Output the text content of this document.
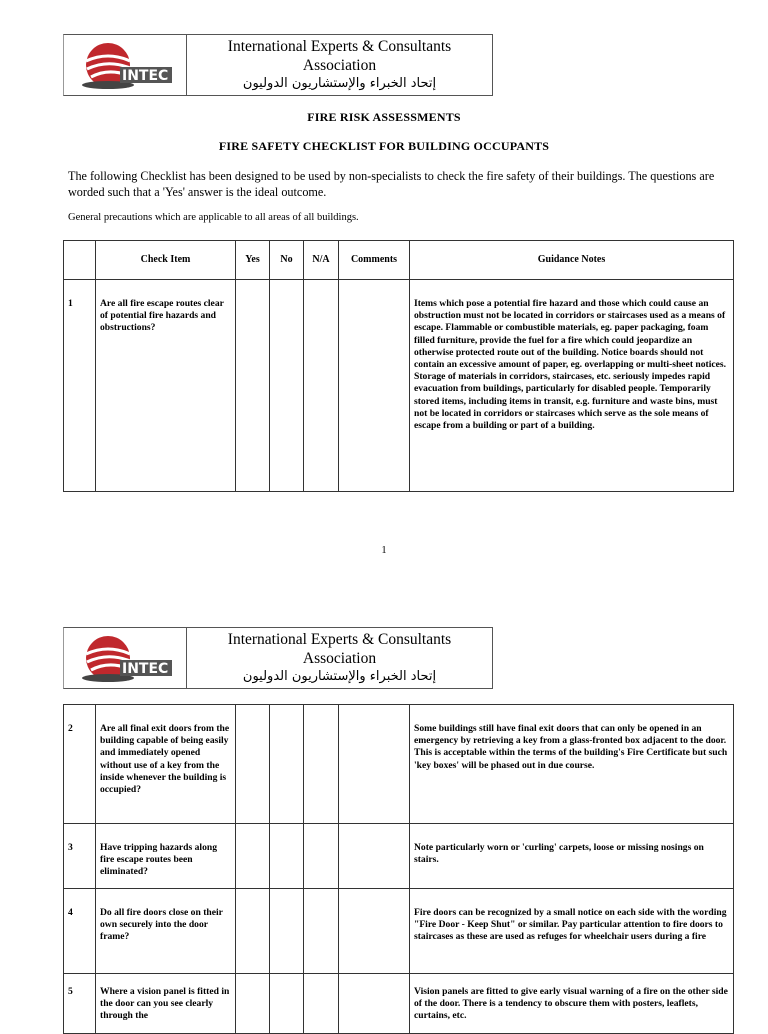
INTEC
International Experts & Consultants
Association
إتحاد الخبراء والإستشاريون الدوليون
FIRE RISK ASSESSMENTS
FIRE SAFETY CHECKLIST FOR BUILDING OCCUPANTS
The following Checklist has been designed to be used by non-specialists to check the fire safety of their buildings. The questions are
worded such that a 'Yes' answer is the ideal outcome.
General precautions which are applicable to all areas of all buildings.
	Check Item	Yes	No	N/A	Comments	Guidance Notes
1	Are all fire escape routes clear of potential fire hazards and obstructions?					Items which pose a potential fire hazard and those which could cause an obstruction must not be located in corridors or staircases used as a means of escape. Flammable or combustible materials, eg. paper packaging, foam filled furniture, provide the fuel for a fire which could jeopardize an otherwise protected route out of the building. Notice boards should not contain an excessive amount of paper, eg. overlapping or multi-sheet notices. Storage of materials in corridors, staircases, etc. seriously impedes rapid evacuation from buildings, particularly for disabled people. Temporarily stored items, including items in transit, e.g. furniture and waste bins, must not be located in corridors or staircases which serve as the sole means of escape from a building or part of a building.
1
INTEC
International Experts & Consultants
Association
إتحاد الخبراء والإستشاريون الدوليون
2	Are all final exit doors from the building capable of being easily and immediately opened without use of a key from the inside whenever the building is occupied?					Some buildings still have final exit doors that can only be opened in an emergency by retrieving a key from a glass-fronted box adjacent to the door. This is acceptable within the terms of the building's Fire Certificate but such 'key boxes' will be phased out in due course.
3	Have tripping hazards along fire escape routes been eliminated?					Note particularly worn or 'curling' carpets, loose or missing nosings on stairs.
4	Do all fire doors close on their own securely into the door frame?					Fire doors can be recognized by a small notice on each side with the wording "Fire Door - Keep Shut" or similar. Pay particular attention to fire doors to staircases as these are used as refuges for wheelchair users during a fire
5	Where a vision panel is fitted in the door can you see clearly through the					Vision panels are fitted to give early visual warning of a fire on the other side of the door. There is a tendency to obscure them with posters, leaflets, curtains, etc.
